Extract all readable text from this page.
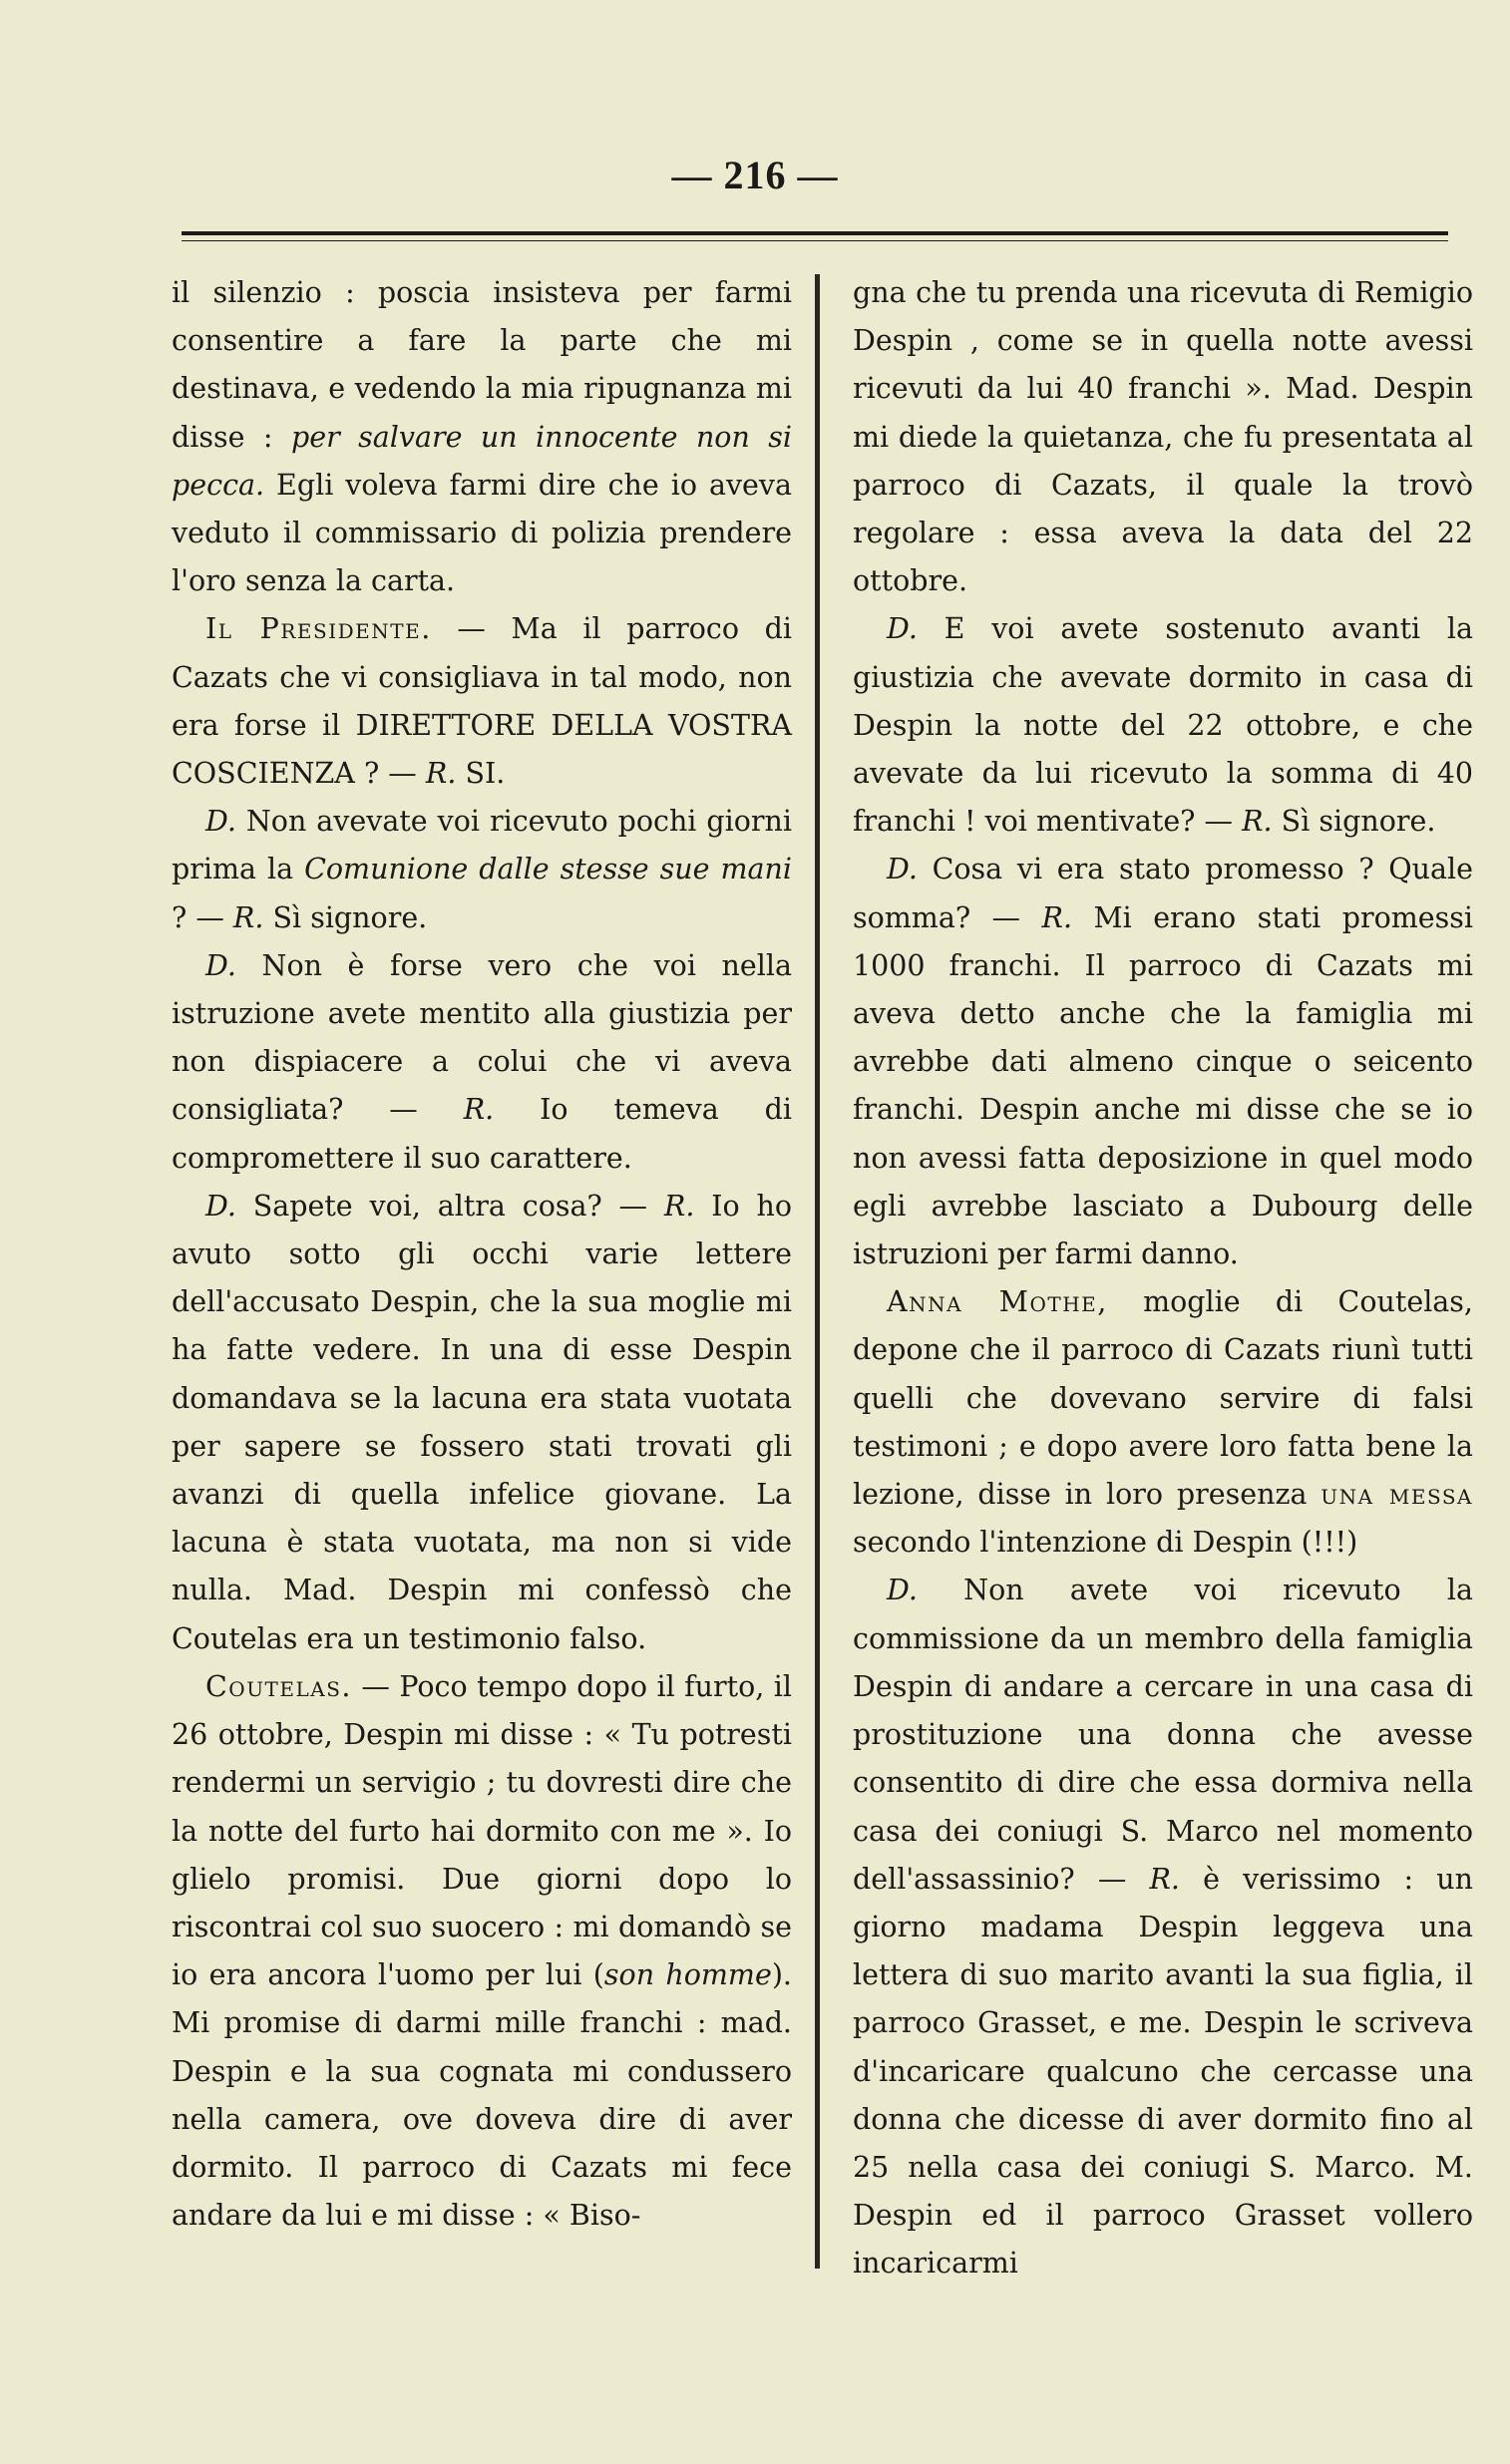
— 216 —

il silenzio : poscia insisteva per farmi consentire a fare la parte che mi destinava, e vedendo la mia ripugnanza mi disse : per salvare un innocente non si pecca. Egli voleva farmi dire che io aveva veduto il commissario di polizia prendere l'oro senza la carta.

Il Presidente. — Ma il parroco di Cazats che vi consigliava in tal modo, non era forse il DIRETTORE DELLA VOSTRA COSCIENZA ? — R. SI.

D. Non avevate voi ricevuto pochi giorni prima la Comunione dalle stesse sue mani ? — R. Sì signore.

D. Non è forse vero che voi nella istruzione avete mentito alla giustizia per non dispiacere a colui che vi aveva consigliata? — R. Io temeva di compromettere il suo carattere.

D. Sapete voi, altra cosa? — R. Io ho avuto sotto gli occhi varie lettere dell'accusato Despin, che la sua moglie mi ha fatte vedere. In una di esse Despin domandava se la lacuna era stata vuotata per sapere se fossero stati trovati gli avanzi di quella infelice giovane. La lacuna è stata vuotata, ma non si vide nulla. Mad. Despin mi confessò che Coutelas era un testimonio falso.

Coutelas. — Poco tempo dopo il furto, il 26 ottobre, Despin mi disse : « Tu potresti rendermi un servigio ; tu dovresti dire che la notte del furto hai dormito con me ». Io glielo promisi. Due giorni dopo lo riscontrai col suo suocero : mi domandò se io era ancora l'uomo per lui (son homme). Mi promise di darmi mille franchi : mad. Despin e la sua cognata mi condussero nella camera, ove doveva dire di aver dormito. Il parroco di Cazats mi fece andare da lui e mi disse : « Biso-

gna che tu prenda una ricevuta di Remigio Despin , come se in quella notte avessi ricevuti da lui 40 franchi ». Mad. Despin mi diede la quietanza, che fu presentata al parroco di Cazats, il quale la trovò regolare : essa aveva la data del 22 ottobre.

D. E voi avete sostenuto avanti la giustizia che avevate dormito in casa di Despin la notte del 22 ottobre, e che avevate da lui ricevuto la somma di 40 franchi ! voi mentivate? — R. Sì signore.

D. Cosa vi era stato promesso ? Quale somma? — R. Mi erano stati promessi 1000 franchi. Il parroco di Cazats mi aveva detto anche che la famiglia mi avrebbe dati almeno cinque o seicento franchi. Despin anche mi disse che se io non avessi fatta deposizione in quel modo egli avrebbe lasciato a Dubourg delle istruzioni per farmi danno.

Anna Mothe, moglie di Coutelas, depone che il parroco di Cazats riunì tutti quelli che dovevano servire di falsi testimoni ; e dopo avere loro fatta bene la lezione, disse in loro presenza una messa secondo l'intenzione di Despin (!!!)

D. Non avete voi ricevuto la commissione da un membro della famiglia Despin di andare a cercare in una casa di prostituzione una donna che avesse consentito di dire che essa dormiva nella casa dei coniugi S. Marco nel momento dell'assassinio? — R. è verissimo : un giorno madama Despin leggeva una lettera di suo marito avanti la sua figlia, il parroco Grasset, e me. Despin le scriveva d'incaricare qualcuno che cercasse una donna che dicesse di aver dormito fino al 25 nella casa dei coniugi S. Marco. M. Despin ed il parroco Grasset vollero incaricarmi
